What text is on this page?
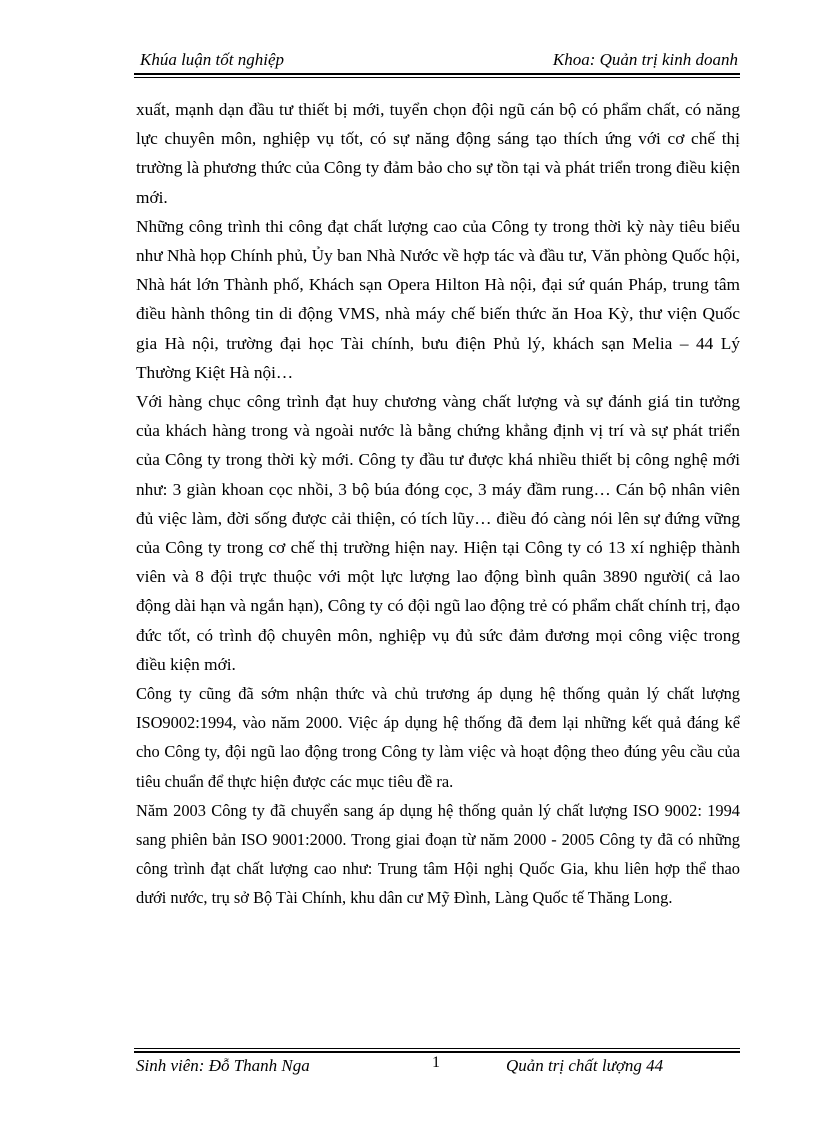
Khúa luận tốt nghiệp	Khoa: Quản trị kinh doanh

xuất, mạnh dạn đầu tư thiết bị mới, tuyển chọn đội ngũ cán bộ có phẩm chất, có năng lực chuyên môn, nghiệp vụ tốt, có sự năng động sáng tạo thích ứng với cơ chế thị trường là phương thức của Công ty đảm bảo cho sự tồn tại và phát triển trong điều kiện mới.

Những công trình thi công đạt chất lượng cao của Công ty trong thời kỳ này tiêu biểu như Nhà họp Chính phủ, Ủy ban Nhà Nước về hợp tác và đầu tư, Văn phòng Quốc hội, Nhà hát lớn Thành phố, Khách sạn Opera Hilton Hà nội, đại sứ quán Pháp, trung tâm điều hành thông tin di động VMS, nhà máy chế biến thức ăn Hoa Kỳ, thư viện Quốc gia Hà nội, trường đại học Tài chính, bưu điện Phủ lý, khách sạn Melia – 44 Lý Thường Kiệt Hà nội…

Với hàng chục công trình đạt huy chương vàng chất lượng và sự đánh giá tin tưởng của khách hàng trong và ngoài nước là bằng chứng khẳng định vị trí và sự phát triển của Công ty trong thời kỳ mới. Công ty đầu tư được khá nhiều thiết bị công nghệ mới như: 3 giàn khoan cọc nhồi, 3 bộ búa đóng cọc, 3 máy đầm rung… Cán bộ nhân viên đủ việc làm, đời sống được cải thiện, có tích lũy… điều đó càng nói lên sự đứng vững của Công ty trong cơ chế thị trường hiện nay. Hiện tại Công ty có 13 xí nghiệp thành viên và 8 đội trực thuộc với một lực lượng lao động bình quân 3890 người( cả lao động dài hạn và ngắn hạn), Công ty có đội ngũ lao động trẻ có phẩm chất chính trị, đạo đức tốt, có trình độ chuyên môn, nghiệp vụ đủ sức đảm đương mọi công việc trong điều kiện mới.

Công ty cũng đã sớm nhận thức và chủ trương áp dụng hệ thống quản lý chất lượng ISO9002:1994, vào năm 2000. Việc áp dụng hệ thống đã đem lại những kết quả đáng kể cho Công ty, đội ngũ lao động trong Công ty làm việc và hoạt động theo đúng yêu cầu của tiêu chuẩn để thực hiện được các mục tiêu đề ra.

Năm 2003 Công ty đã chuyển sang áp dụng hệ thống quản lý chất lượng ISO 9002: 1994 sang phiên bản ISO 9001:2000. Trong giai đoạn từ năm 2000 - 2005 Công ty đã có những công trình đạt chất lượng cao như: Trung tâm Hội nghị Quốc Gia, khu liên hợp thể thao dưới nước, trụ sở Bộ Tài Chính, khu dân cư Mỹ Đình, Làng Quốc tế Thăng Long.

Sinh viên: Đỗ Thanh Nga	1	Quản trị chất lượng 44
